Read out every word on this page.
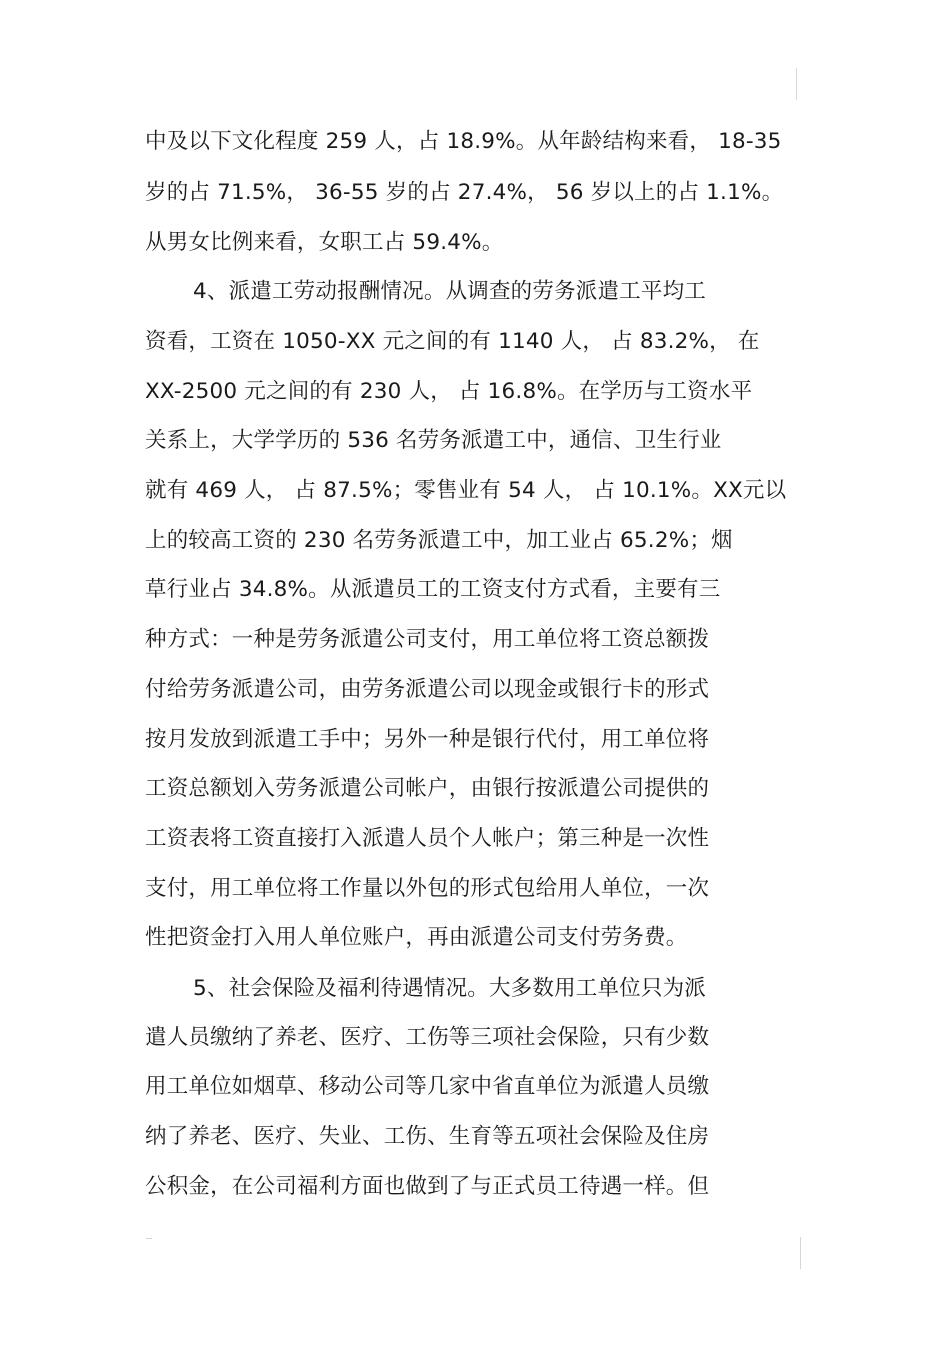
中及以下文化程度 259 人，占 18.9%。从年龄结构来看， 18-35
岁的占 71.5%， 36-55 岁的占 27.4%， 56 岁以上的占 1.1%。
从男女比例来看，女职工占 59.4%。
4、派遣工劳动报酬情况。从调查的劳务派遣工平均工
资看，工资在 1050-XX 元之间的有 1140 人， 占 83.2%， 在
XX-2500 元之间的有 230 人， 占 16.8%。在学历与工资水平
关系上，大学学历的 536 名劳务派遣工中，通信、卫生行业
就有 469 人， 占 87.5%；零售业有 54 人， 占 10.1%。XX元以
上的较高工资的 230 名劳务派遣工中，加工业占 65.2%；烟
草行业占 34.8%。从派遣员工的工资支付方式看，主要有三
种方式：一种是劳务派遣公司支付，用工单位将工资总额拨
付给劳务派遣公司，由劳务派遣公司以现金或银行卡的形式
按月发放到派遣工手中；另外一种是银行代付，用工单位将
工资总额划入劳务派遣公司帐户，由银行按派遣公司提供的
工资表将工资直接打入派遣人员个人帐户；第三种是一次性
支付，用工单位将工作量以外包的形式包给用人单位，一次
性把资金打入用人单位账户，再由派遣公司支付劳务费。
5、社会保险及福利待遇情况。大多数用工单位只为派
遣人员缴纳了养老、医疗、工伤等三项社会保险，只有少数
用工单位如烟草、移动公司等几家中省直单位为派遣人员缴
纳了养老、医疗、失业、工伤、生育等五项社会保险及住房
公积金，在公司福利方面也做到了与正式员工待遇一样。但
